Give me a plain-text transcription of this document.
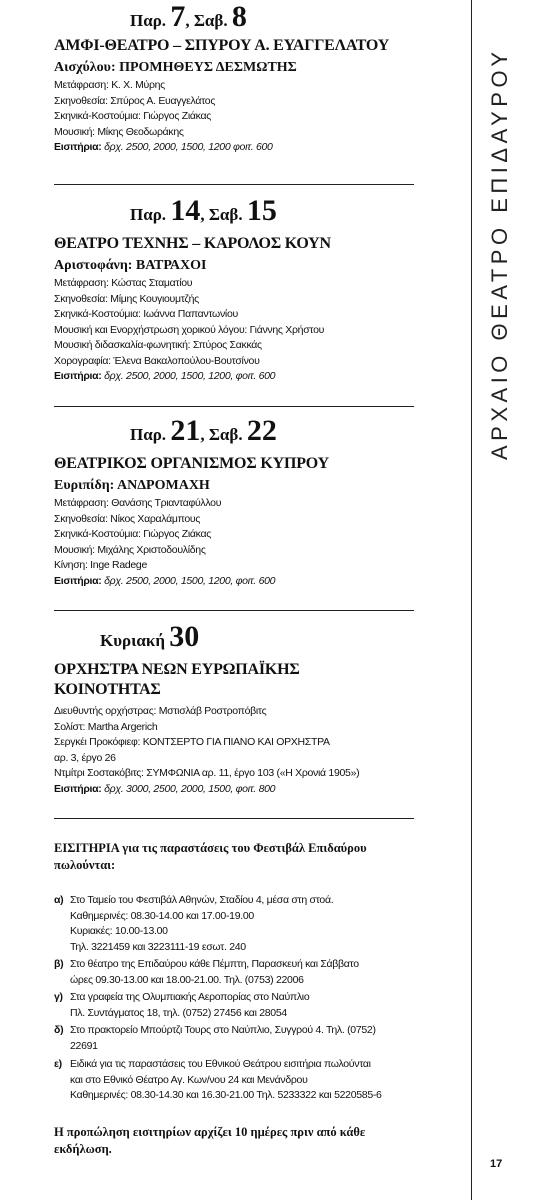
ΑΡΧΑΙΟ ΘΕΑΤΡΟ ΕΠΙΔΑΥΡΟΥ
17
Παρ. 7, Σαβ. 8
ΑΜΦΙ-ΘΕΑΤΡΟ – ΣΠΥΡΟΥ Α. ΕΥΑΓΓΕΛΑΤΟΥ
Αισχύλου: ΠΡΟΜΗΘΕΥΣ ΔΕΣΜΩΤΗΣ
Μετάφραση: Κ. Χ. Μύρης
Σκηνοθεσία: Σπύρος Α. Ευαγγελάτος
Σκηνικά-Κοστούμια: Γιώργος Ζιάκας
Μουσική: Μίκης Θεοδωράκης
Εισιτήρια: δρχ. 2500, 2000, 1500, 1200 φοιτ. 600
Παρ. 14, Σαβ. 15
ΘΕΑΤΡΟ ΤΕΧΝΗΣ – ΚΑΡΟΛΟΣ ΚΟΥΝ
Αριστοφάνη: ΒΑΤΡΑΧΟΙ
Μετάφραση: Κώστας Σταματίου
Σκηνοθεσία: Μίμης Κουγιουμτζής
Σκηνικά-Κοστούμια: Ιωάννα Παπαντωνίου
Μουσική και Ενορχήστρωση χορικού λόγου: Γιάννης Χρήστου
Μουσική διδασκαλία-φωνητική: Σπύρος Σακκάς
Χορογραφία: Έλενα Βακαλοπούλου-Βουτσίνου
Εισιτήρια: δρχ. 2500, 2000, 1500, 1200, φοιτ. 600
Παρ. 21, Σαβ. 22
ΘΕΑΤΡΙΚΟΣ ΟΡΓΑΝΙΣΜΟΣ ΚΥΠΡΟΥ
Ευριπίδη: ΑΝΔΡΟΜΑΧΗ
Μετάφραση: Θανάσης Τριανταφύλλου
Σκηνοθεσία: Νίκος Χαραλάμπους
Σκηνικά-Κοστούμια: Γιώργος Ζιάκας
Μουσική: Μιχάλης Χριστοδουλίδης
Κίνηση: Inge Radege
Εισιτήρια: δρχ. 2500, 2000, 1500, 1200, φοιτ. 600
Κυριακή 30
ΟΡΧΗΣΤΡΑ ΝΕΩΝ ΕΥΡΩΠΑΪΚΗΣ
ΚΟΙΝΟΤΗΤΑΣ
Διευθυντής ορχήστρας: Μστισλάβ Ροστροπόβιτς
Σολίστ: Martha Argerich
Σεργκέι Προκόφιεφ: ΚΟΝΤΣΕΡΤΟ ΓΙΑ ΠΙΑΝΟ ΚΑΙ ΟΡΧΗΣΤΡΑ
αρ. 3, έργο 26
Ντμίτρι Σοστακόβιτς: ΣΥΜΦΩΝΙΑ αρ. 11, έργο 103 («Η Χρονιά 1905»)
Εισιτήρια: δρχ. 3000, 2500, 2000, 1500, φοιτ. 800
ΕΙΣΙΤΗΡΙΑ για τις παραστάσεις του Φεστιβάλ Επιδαύρου
πωλούνται:
α) Στο Ταμείο του Φεστιβάλ Αθηνών, Σταδίου 4, μέσα στη στοά.
Καθημερινές: 08.30-14.00 και 17.00-19.00
Κυριακές: 10.00-13.00
Τηλ. 3221459 και 3223111-19 εσωτ. 240
β) Στο θέατρο της Επιδαύρου κάθε Πέμπτη, Παρασκευή και Σάββατο
ώρες 09.30-13.00 και 18.00-21.00. Τηλ. (0753) 22006
γ) Στα γραφεία της Ολυμπιακής Αεροπορίας στο Ναύπλιο
Πλ. Συντάγματος 18, τηλ. (0752) 27456 και 28054
δ) Στο πρακτορείο Μπούρτζι Τουρς στο Ναύπλιο, Συγγρού 4. Τηλ. (0752)
22691
ε) Ειδικά για τις παραστάσεις του Εθνικού Θεάτρου εισιτήρια πωλούνται
και στο Εθνικό Θέατρο Αγ. Κων/νου 24 και Μενάνδρου
Καθημερινές: 08.30-14.30 και 16.30-21.00 Τηλ. 5233322 και 5220585-6
Η προπώληση εισιτηρίων αρχίζει 10 ημέρες πριν από κάθε
εκδήλωση.
